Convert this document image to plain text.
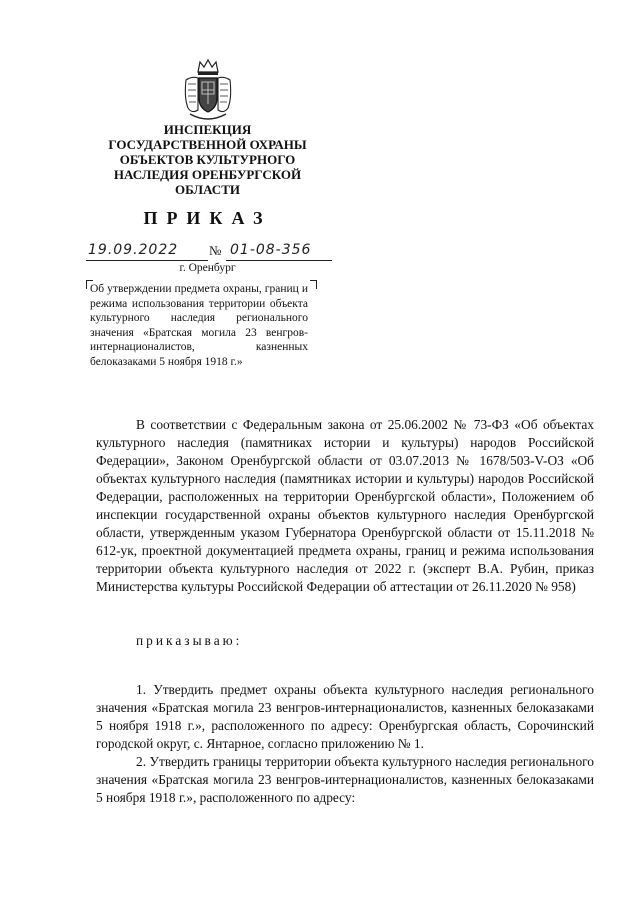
ИНСПЕКЦИЯ
ГОСУДАРСТВЕННОЙ ОХРАНЫ
ОБЪЕКТОВ КУЛЬТУРНОГО
НАСЛЕДИЯ ОРЕНБУРГСКОЙ
ОБЛАСТИ
ПРИКАЗ
19.09.2022 № 01-08-356
г. Оренбург
Об утверждении предмета охраны, границ и режима использования территории объекта культурного наследия регионального значения «Братская могила 23 венгров-интернационалистов, казненных белоказаками 5 ноября 1918 г.»

В соответствии с Федеральным закона от 25.06.2002 № 73-ФЗ «Об объектах культурного наследия (памятниках истории и культуры) народов Российской Федерации», Законом Оренбургской области от 03.07.2013 № 1678/503-V-ОЗ «Об объектах культурного наследия (памятниках истории и культуры) народов Российской Федерации, расположенных на территории Оренбургской области», Положением об инспекции государственной охраны объектов культурного наследия Оренбургской области, утвержденным указом Губернатора Оренбургской области от 15.11.2018 № 612-ук, проектной документацией предмета охраны, границ и режима использования территории объекта культурного наследия от 2022 г. (эксперт В.А. Рубин, приказ Министерства культуры Российской Федерации об аттестации от 26.11.2020 № 958)

приказываю:

1. Утвердить предмет охраны объекта культурного наследия регионального значения «Братская могила 23 венгров-интернационалистов, казненных белоказаками 5 ноября 1918 г.», расположенного по адресу: Оренбургская область, Сорочинский городской округ, с. Янтарное, согласно приложению № 1.

2. Утвердить границы территории объекта культурного наследия регионального значения «Братская могила 23 венгров-интернационалистов, казненных белоказаками 5 ноября 1918 г.», расположенного по адресу:
